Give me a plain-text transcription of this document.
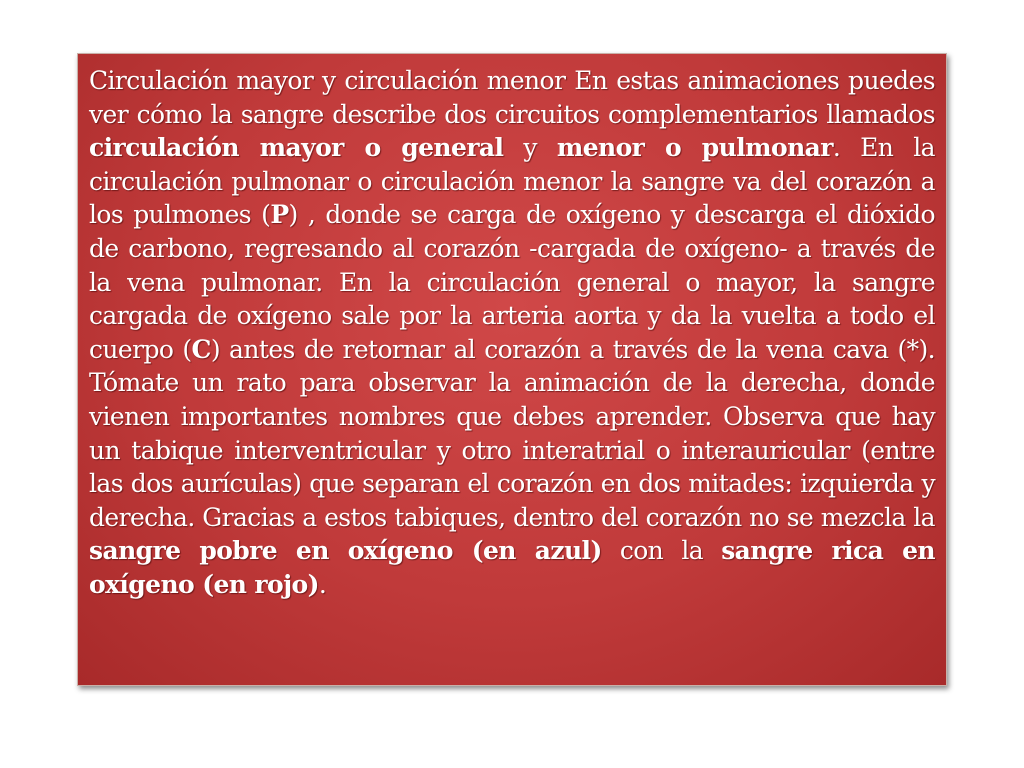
Circulación mayor y circulación menor En estas animaciones puedes ver cómo la sangre describe dos circuitos complementarios llamados circulación mayor o general y menor o pulmonar. En la circulación pulmonar o circulación menor la sangre va del corazón a los pulmones (P) , donde se carga de oxígeno y descarga el dióxido de carbono, regresando al corazón -cargada de oxígeno- a través de la vena pulmonar. En la circulación general o mayor, la sangre cargada de oxígeno sale por la arteria aorta y da la vuelta a todo el cuerpo (C) antes de retornar al corazón a través de la vena cava (*). Tómate un rato para observar la animación de la derecha, donde vienen importantes nombres que debes aprender. Observa que hay un tabique interventricular y otro interatrial o interauricular (entre las dos aurículas) que separan el corazón en dos mitades: izquierda y derecha. Gracias a estos tabiques, dentro del corazón no se mezcla la sangre pobre en oxígeno (en azul) con la sangre rica en oxígeno (en rojo).
